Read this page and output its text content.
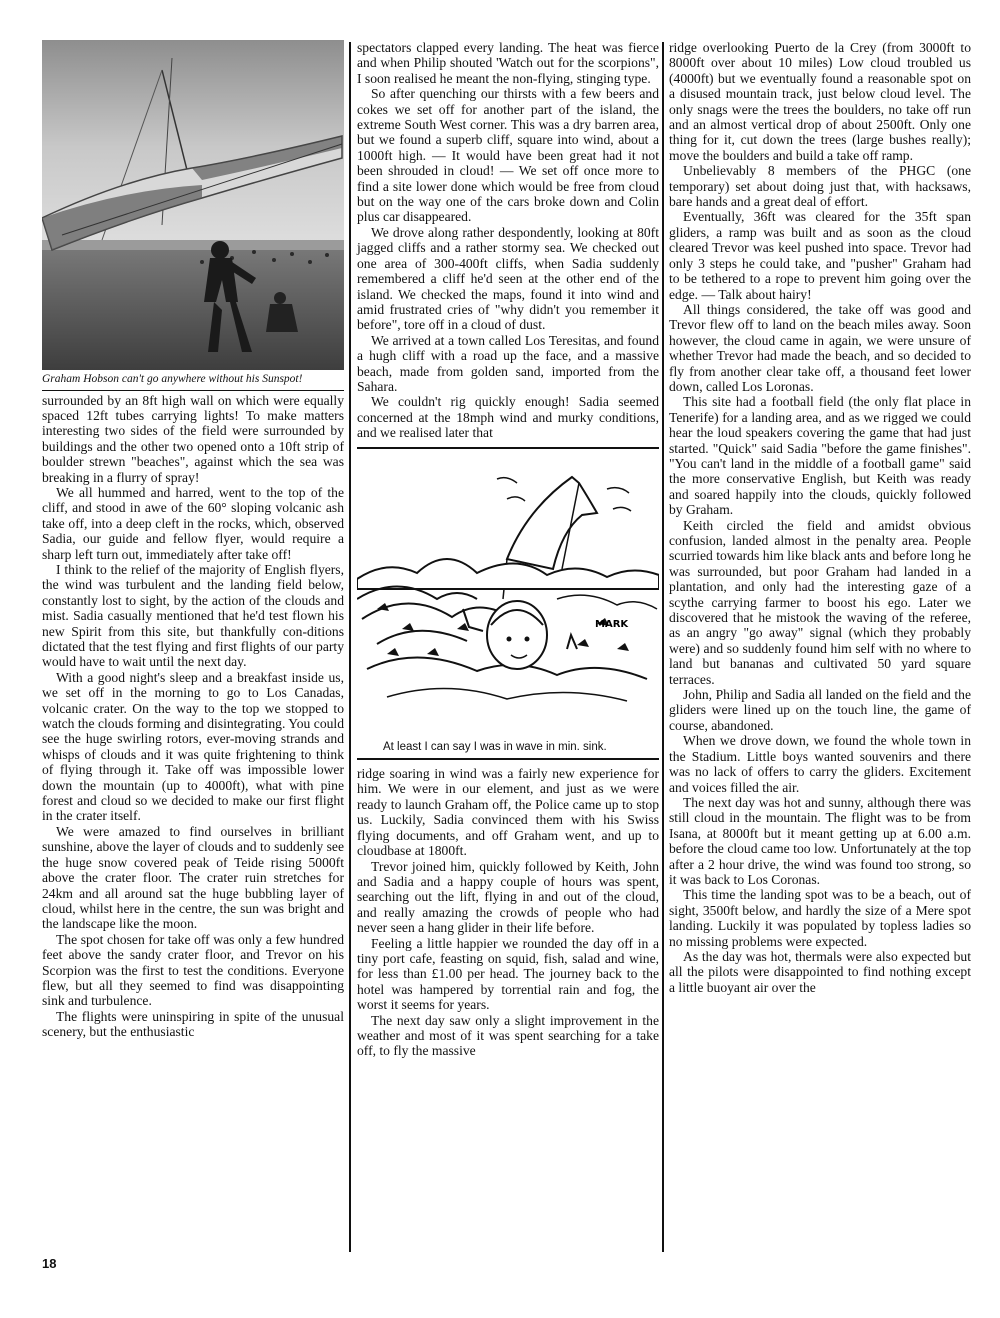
Graham Hobson can't go anywhere without his Sunspot!

surrounded by an 8ft high wall on which were equally spaced 12ft tubes carrying lights! To make matters interesting two sides of the field were surrounded by buildings and the other two opened onto a 10ft strip of boulder strewn "beaches", against which the sea was breaking in a flurry of spray!

We all hummed and harred, went to the top of the cliff, and stood in awe of the 60° sloping volcanic ash take off, into a deep cleft in the rocks, which, observed Sadia, our guide and fellow flyer, would require a sharp left turn out, immediately after take off!

I think to the relief of the majority of English flyers, the wind was turbulent and the landing field below, constantly lost to sight, by the action of the clouds and mist. Sadia casually mentioned that he'd test flown his new Spirit from this site, but thankfully con-ditions dictated that the test flying and first flights of our party would have to wait until the next day.

With a good night's sleep and a breakfast inside us, we set off in the morning to go to Los Canadas, volcanic crater. On the way to the top we stopped to watch the clouds forming and disintegrating. You could see the huge swirling rotors, ever-moving strands and whisps of clouds and it was quite frightening to think of flying through it. Take off was impossible lower down the mountain (up to 4000ft), what with pine forest and cloud so we decided to make our first flight in the crater itself.

We were amazed to find ourselves in brilliant sunshine, above the layer of clouds and to suddenly see the huge snow covered peak of Teide rising 5000ft above the crater floor. The crater ruin stretches for 24km and all around sat the huge bubbling layer of cloud, whilst here in the centre, the sun was bright and the landscape like the moon.

The spot chosen for take off was only a few hundred feet above the sandy crater floor, and Trevor on his Scorpion was the first to test the conditions. Everyone flew, but all they seemed to find was disappointing sink and turbulence.

The flights were uninspiring in spite of the unusual scenery, but the enthusiastic

spectators clapped every landing. The heat was fierce and when Philip shouted 'Watch out for the scorpions", I soon realised he meant the non-flying, stinging type.

So after quenching our thirsts with a few beers and cokes we set off for another part of the island, the extreme South West corner. This was a dry barren area, but we found a superb cliff, square into wind, about a 1000ft high. — It would have been great had it not been shrouded in cloud! — We set off once more to find a site lower done which would be free from cloud but on the way one of the cars broke down and Colin plus car disappeared.

We drove along rather despondently, looking at 80ft jagged cliffs and a rather stormy sea. We checked out one area of 300-400ft cliffs, when Sadia suddenly remembered a cliff he'd seen at the other end of the island. We checked the maps, found it into wind and amid frustrated cries of "why didn't you remember it before", tore off in a cloud of dust.

We arrived at a town called Los Teresitas, and found a hugh cliff with a road up the face, and a massive beach, made from golden sand, imported from the Sahara.

We couldn't rig quickly enough! Sadia seemed concerned at the 18mph wind and murky conditions, and we realised later that

MARK
At least I can say I was in wave in min. sink.

ridge soaring in wind was a fairly new experience for him. We were in our element, and just as we were ready to launch Graham off, the Police came up to stop us. Luckily, Sadia convinced them with his Swiss flying documents, and off Graham went, and up to cloudbase at 1800ft.

Trevor joined him, quickly followed by Keith, John and Sadia and a happy couple of hours was spent, searching out the lift, flying in and out of the cloud, and really amazing the crowds of people who had never seen a hang glider in their life before.

Feeling a little happier we rounded the day off in a tiny port cafe, feasting on squid, fish, salad and wine, for less than £1.00 per head. The journey back to the hotel was hampered by torrential rain and fog, the worst it seems for years.

The next day saw only a slight improvement in the weather and most of it was spent searching for a take off, to fly the massive

ridge overlooking Puerto de la Crey (from 3000ft to 8000ft over about 10 miles) Low cloud troubled us (4000ft) but we eventually found a reasonable spot on a disused mountain track, just below cloud level. The only snags were the trees the boulders, no take off run and an almost vertical drop of about 2500ft. Only one thing for it, cut down the trees (large bushes really); move the boulders and build a take off ramp.

Unbelievably 8 members of the PHGC (one temporary) set about doing just that, with hacksaws, bare hands and a great deal of effort.

Eventually, 36ft was cleared for the 35ft span gliders, a ramp was built and as soon as the cloud cleared Trevor was keel pushed into space. Trevor had only 3 steps he could take, and "pusher" Graham had to be tethered to a rope to prevent him going over the edge. — Talk about hairy!

All things considered, the take off was good and Trevor flew off to land on the beach miles away. Soon however, the cloud came in again, we were unsure of whether Trevor had made the beach, and so decided to fly from another clear take off, a thousand feet lower down, called Los Loronas.

This site had a football field (the only flat place in Tenerife) for a landing area, and as we rigged we could hear the loud speakers covering the game that had just started. "Quick" said Sadia "before the game finishes". "You can't land in the middle of a football game" said the more conservative English, but Keith was ready and soared happily into the clouds, quickly followed by Graham.

Keith circled the field and amidst obvious confusion, landed almost in the penalty area. People scurried towards him like black ants and before long he was surrounded, but poor Graham had landed in a plantation, and only had the interesting gaze of a scythe carrying farmer to boost his ego. Later we discovered that he mistook the waving of the referee, as an angry "go away" signal (which they probably were) and so suddenly found him self with no where to land but bananas and cultivated 50 yard square terraces.

John, Philip and Sadia all landed on the field and the gliders were lined up on the touch line, the game of course, abandoned.

When we drove down, we found the whole town in the Stadium. Little boys wanted souvenirs and there was no lack of offers to carry the gliders. Excitement and voices filled the air.

The next day was hot and sunny, although there was still cloud in the mountain. The flight was to be from Isana, at 8000ft but it meant getting up at 6.00 a.m. before the cloud came too low. Unfortunately at the top after a 2 hour drive, the wind was found too strong, so it was back to Los Coronas.

This time the landing spot was to be a beach, out of sight, 3500ft below, and hardly the size of a Mere spot landing. Luckily it was populated by topless ladies so no missing problems were expected.

As the day was hot, thermals were also expected but all the pilots were disappointed to find nothing except a little buoyant air over the

18
